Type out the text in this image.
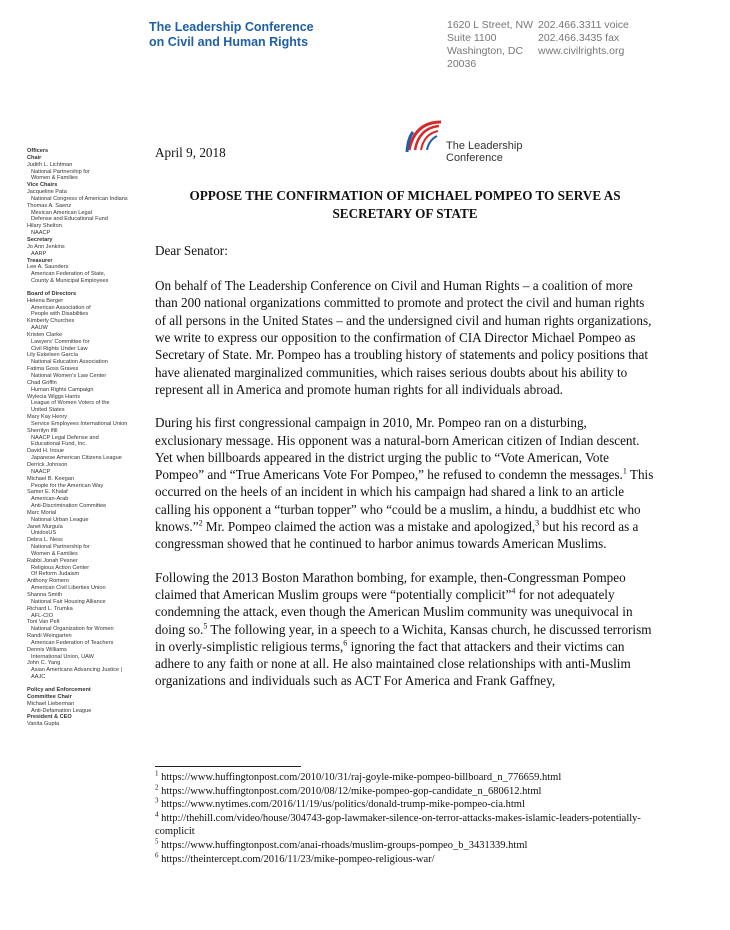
The Leadership Conference
on Civil and Human Rights
1620 L Street, NW
Suite 1100
Washington, DC
20036
202.466.3311 voice
202.466.3435 fax
www.civilrights.org
The Leadership
Conference
Officers
Chair
Judith L. Lichtman
National Partnership for
Women & Families
Vice Chairs
Jacqueline Pata
National Congress of American Indians
Thomas A. Saenz
Mexican American Legal
Defense and Educational Fund
Hilary Shelton
NAACP
Secretary
Jo Ann Jenkins
AARP
Treasurer
Lee A. Saunders
American Federation of State,
County & Municipal Employees
Board of Directors
Helena Berger
American Association of
People with Disabilities
Kimberly Churches
AAUW
Kristen Clarke
Lawyers' Committee for
Civil Rights Under Law
Lily Eskelsen García
National Education Association
Fatima Goss Graves
National Women's Law Center
Chad Griffin
Human Rights Campaign
Wylecia Wiggs Harris
League of Women Voters of the
United States
Mary Kay Henry
Service Employees International Union
Sherrilyn Ifill
NAACP Legal Defense and
Educational Fund, Inc.
David H. Inoue
Japanese American Citizens League
Derrick Johnson
NAACP
Michael B. Keegan
People for the American Way
Samer E. Khalaf
American-Arab
Anti-Discrimination Committee
Marc Morial
National Urban League
Janet Murguía
UnidosUS
Debra L. Ness
National Partnership for
Women & Families
Rabbi Jonah Pesner
Religious Action Center
Of Reform Judaism
Anthony Romero
American Civil Liberties Union
Shanna Smith
National Fair Housing Alliance
Richard L. Trumka
AFL-CIO
Toni Van Pelt
National Organization for Women
Randi Weingarten
American Federation of Teachers
Dennis Williams
International Union, UAW
John C. Yang
Asian Americans Advancing Justice |
AAJC
Policy and Enforcement
Committee Chair
Michael Lieberman
Anti-Defamation League
President & CEO
Vanita Gupta
April 9, 2018
OPPOSE THE CONFIRMATION OF MICHAEL POMPEO TO SERVE AS
SECRETARY OF STATE
Dear Senator:
On behalf of The Leadership Conference on Civil and Human Rights – a coalition of more than 200 national organizations committed to promote and protect the civil and human rights of all persons in the United States – and the undersigned civil and human rights organizations, we write to express our opposition to the confirmation of CIA Director Michael Pompeo as Secretary of State. Mr. Pompeo has a troubling history of statements and policy positions that have alienated marginalized communities, which raises serious doubts about his ability to represent all in America and promote human rights for all individuals abroad.
During his first congressional campaign in 2010, Mr. Pompeo ran on a disturbing, exclusionary message. His opponent was a natural-born American citizen of Indian descent. Yet when billboards appeared in the district urging the public to “Vote American, Vote Pompeo” and “True Americans Vote For Pompeo,” he refused to condemn the messages.$^1$ This occurred on the heels of an incident in which his campaign had shared a link to an article calling his opponent a “turban topper” who “could be a muslim, a hindu, a buddhist etc who knows.”$^2$ Mr. Pompeo claimed the action was a mistake and apologized,$^3$ but his record as a congressman showed that he continued to harbor animus towards American Muslims.
Following the 2013 Boston Marathon bombing, for example, then-Congressman Pompeo claimed that American Muslim groups were “potentially complicit”$^4$ for not adequately condemning the attack, even though the American Muslim community was unequivocal in doing so.$^5$ The following year, in a speech to a Wichita, Kansas church, he discussed terrorism in overly-simplistic religious terms,$^6$ ignoring the fact that attackers and their victims can adhere to any faith or none at all. He also maintained close relationships with anti-Muslim organizations and individuals such as ACT For America and Frank Gaffney,
$^1$ https://www.huffingtonpost.com/2010/10/31/raj-goyle-mike-pompeo-billboard_n_776659.html
$^2$ https://www.huffingtonpost.com/2010/08/12/mike-pompeo-gop-candidate_n_680612.html
$^3$ https://www.nytimes.com/2016/11/19/us/politics/donald-trump-mike-pompeo-cia.html
$^4$ http://thehill.com/video/house/304743-gop-lawmaker-silence-on-terror-attacks-makes-islamic-leaders-potentially-complicit
$^5$ https://www.huffingtonpost.com/anai-rhoads/muslim-groups-pompeo_b_3431339.html
$^6$ https://theintercept.com/2016/11/23/mike-pompeo-religious-war/
